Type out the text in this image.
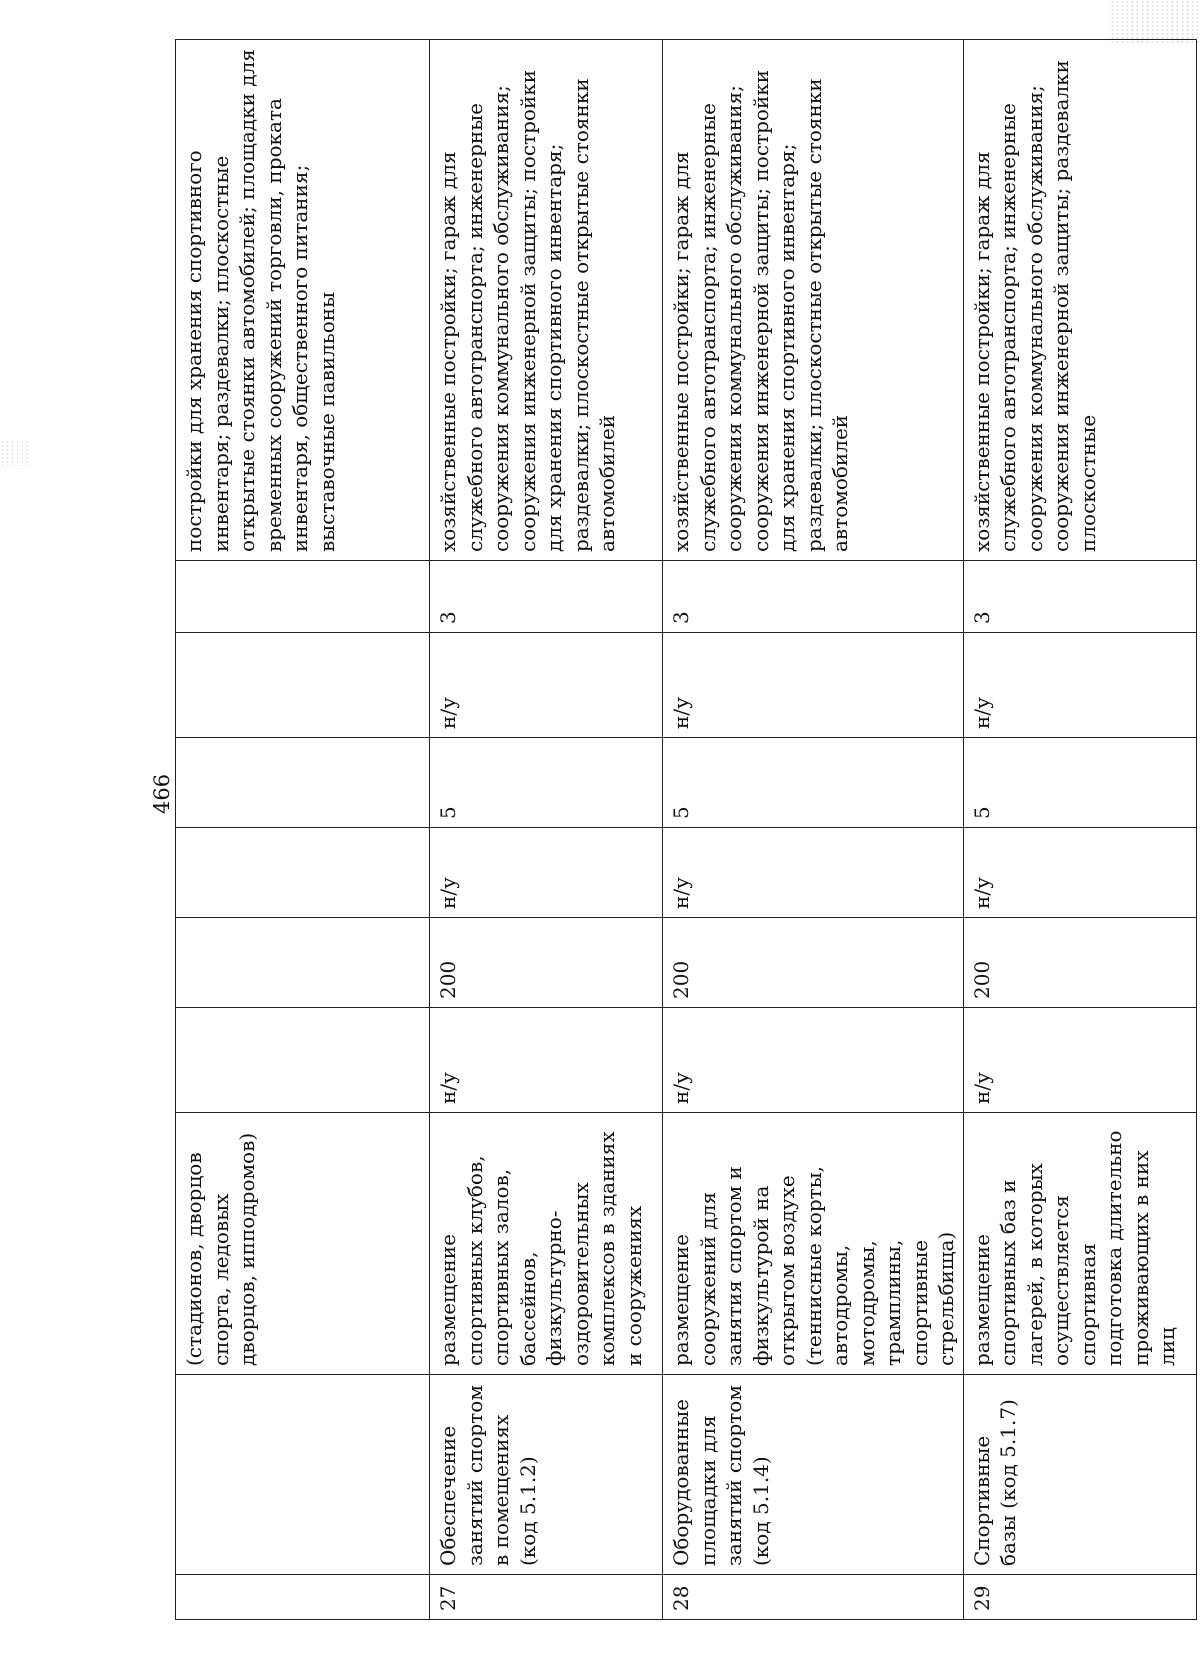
466
		(стадионов, дворцов спорта, ледовых дворцов, ипподромов)							постройки для хранения спортивного инвентаря; раздевалки; плоскостные открытые стоянки автомобилей; площадки для временных сооружений торговли, проката инвентаря, общественного питания; выставочные павильоны
27	Обеспечение занятий спортом в помещениях (код 5.1.2)	размещение спортивных клубов, спортивных залов, бассейнов, физкультурно-оздоровительных комплексов в зданиях и сооружениях	н/у	200	н/у	5	н/у	3	хозяйственные постройки; гараж для служебного автотранспорта; инженерные сооружения коммунального обслуживания; сооружения инженерной защиты; постройки для хранения спортивного инвентаря; раздевалки; плоскостные открытые стоянки автомобилей
28	Оборудованные площадки для занятий спортом (код 5.1.4)	размещение сооружений для занятия спортом и физкультурой на открытом воздухе (теннисные корты, автодромы, мотодромы, трамплины, спортивные стрельбища)	н/у	200	н/у	5	н/у	3	хозяйственные постройки; гараж для служебного автотранспорта; инженерные сооружения коммунального обслуживания; сооружения инженерной защиты; постройки для хранения спортивного инвентаря; раздевалки; плоскостные открытые стоянки автомобилей
29	Спортивные базы (код 5.1.7)	размещение спортивных баз и лагерей, в которых осуществляется спортивная подготовка длительно проживающих в них лиц	н/у	200	н/у	5	н/у	3	хозяйственные постройки; гараж для служебного автотранспорта; инженерные сооружения коммунального обслуживания; сооружения инженерной защиты; раздевалки плоскостные
